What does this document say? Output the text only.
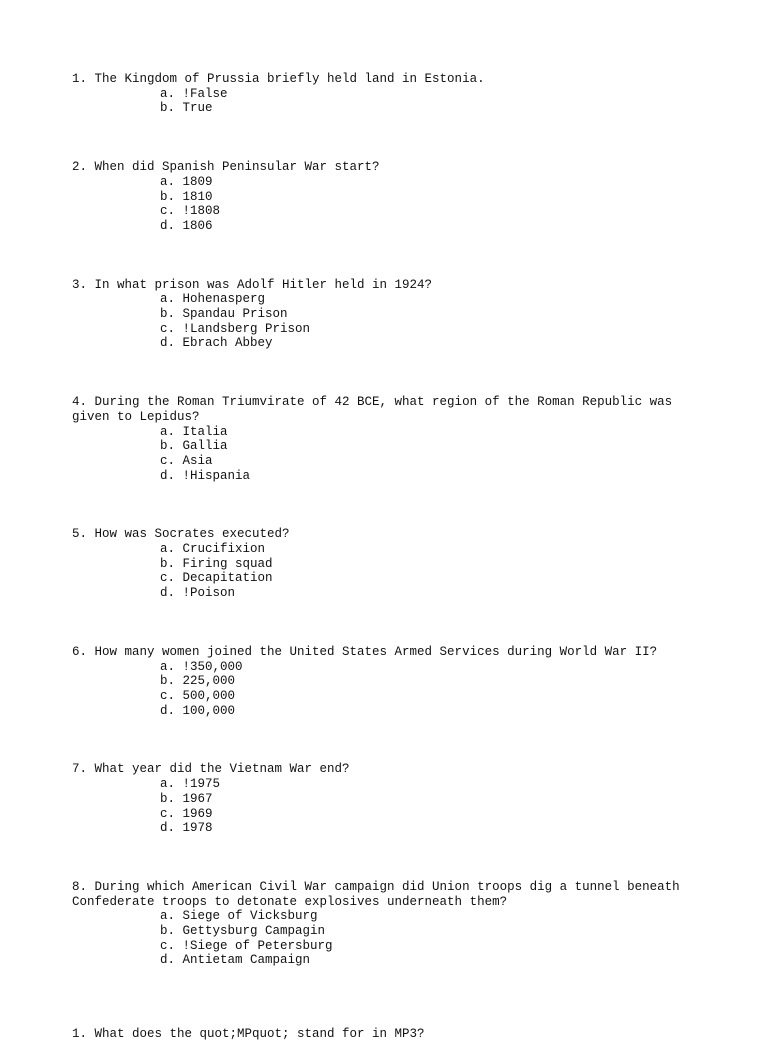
1. The Kingdom of Prussia briefly held land in Estonia.
a. !False
b. True
2. When did Spanish Peninsular War start?
a. 1809
b. 1810
c. !1808
d. 1806
3. In what prison was Adolf Hitler held in 1924?
a. Hohenasperg
b. Spandau Prison
c. !Landsberg Prison
d. Ebrach Abbey
4. During the Roman Triumvirate of 42 BCE, what region of the Roman Republic was given to Lepidus?
a. Italia
b. Gallia
c. Asia
d. !Hispania
5. How was Socrates executed?
a. Crucifixion
b. Firing squad
c. Decapitation
d. !Poison
6. How many women joined the United States Armed Services during World War II?
a. !350,000
b. 225,000
c. 500,000
d. 100,000
7. What year did the Vietnam War end?
a. !1975
b. 1967
c. 1969
d. 1978
8. During which American Civil War campaign did Union troops dig a tunnel beneath Confederate troops to detonate explosives underneath them?
a. Siege of Vicksburg
b. Gettysburg Campagin
c. !Siege of Petersburg
d. Antietam Campaign
1. What does the quot;MPquot; stand for in MP3?
